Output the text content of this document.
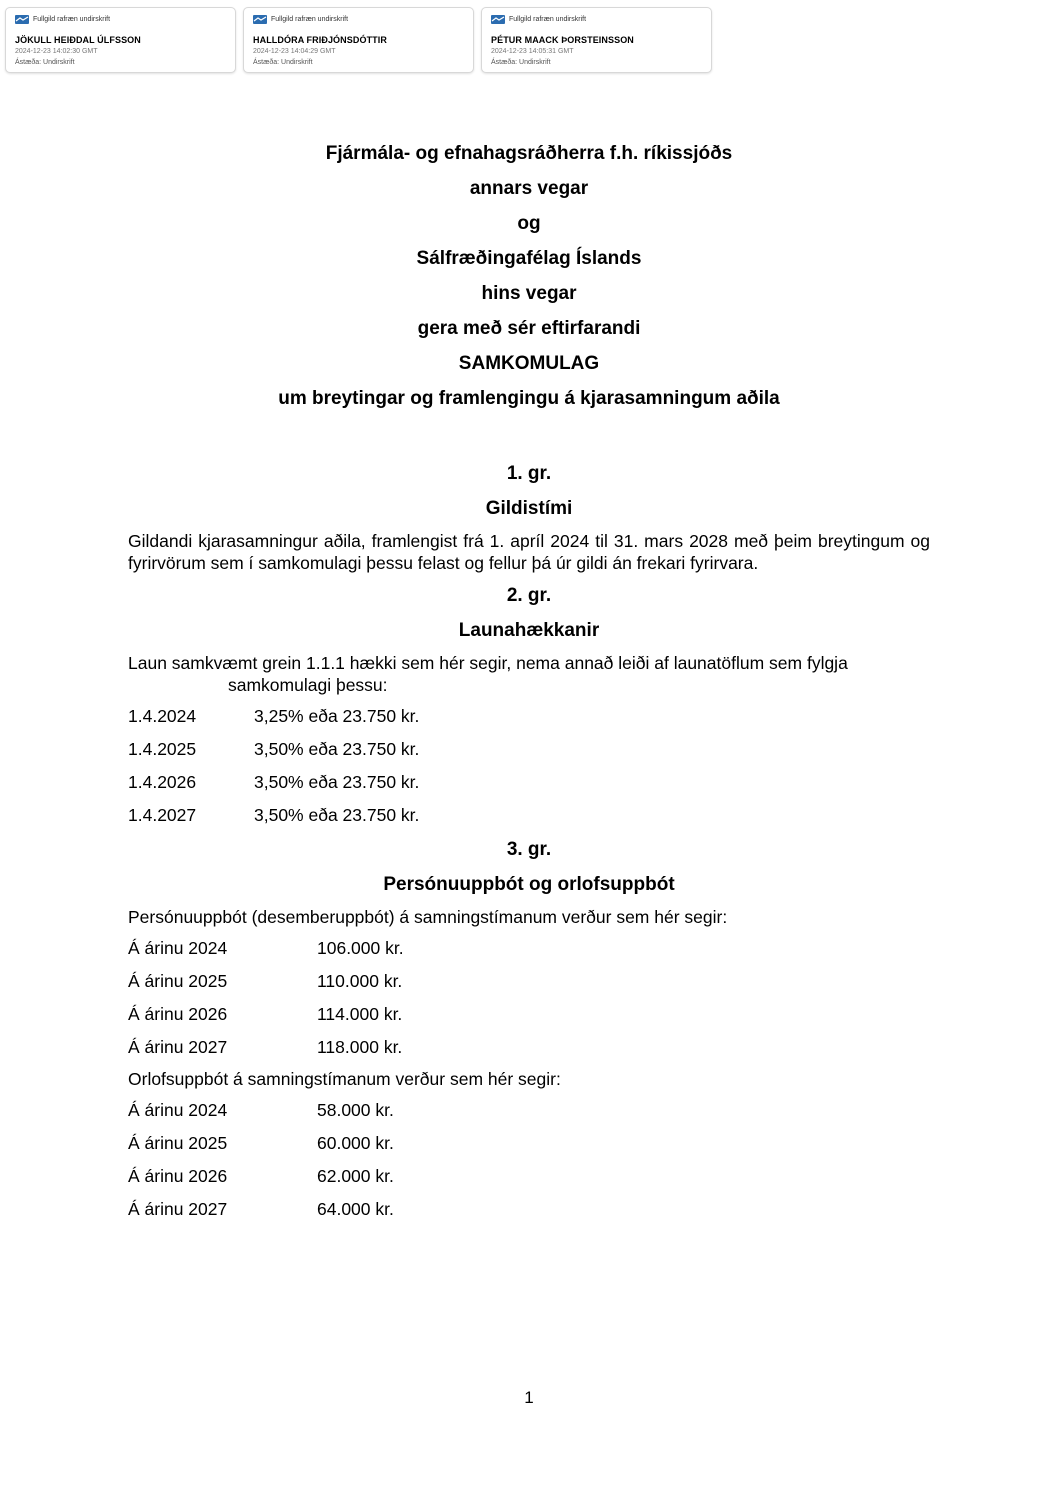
Fullgild rafræn undirskrift
JÖKULL HEIÐDAL ÚLFSSON
2024-12-23 14:02:30 GMT
Ástæða: Undirskrift
Fullgild rafræn undirskrift
HALLDÓRA FRIÐJÓNSDÓTTIR
2024-12-23 14:04:29 GMT
Ástæða: Undirskrift
Fullgild rafræn undirskrift
PÉTUR MAACK ÞORSTEINSSON
2024-12-23 14:05:31 GMT
Ástæða: Undirskrift
Fjármála- og efnahagsráðherra f.h. ríkissjóðs
annars vegar
og
Sálfræðingafélag Íslands
hins vegar
gera með sér eftirfarandi
SAMKOMULAG
um breytingar og framlengingu á kjarasamningum aðila
1. gr.
Gildistími
Gildandi kjarasamningur aðila, framlengist frá 1. apríl 2024 til 31. mars 2028 með þeim breytingum og fyrirvörum sem í samkomulagi þessu felast og fellur þá úr gildi án frekari fyrirvara.
2. gr.
Launahækkanir
Laun samkvæmt grein 1.1.1 hækki sem hér segir, nema annað leiði af launatöflum sem fylgja samkomulagi þessu:
1.4.2024	3,25% eða 23.750 kr.
1.4.2025	3,50% eða 23.750 kr.
1.4.2026	3,50% eða 23.750 kr.
1.4.2027	3,50% eða 23.750 kr.
3. gr.
Persónuuppbót og orlofsuppbót
Persónuuppbót (desemberuppbót) á samningstímanum verður sem hér segir:
Á árinu 2024	106.000 kr.
Á árinu 2025	110.000 kr.
Á árinu 2026	114.000 kr.
Á árinu 2027	118.000 kr.
Orlofsuppbót á samningstímanum verður sem hér segir:
Á árinu 2024	58.000 kr.
Á árinu 2025	60.000 kr.
Á árinu 2026	62.000 kr.
Á árinu 2027	64.000 kr.
1
